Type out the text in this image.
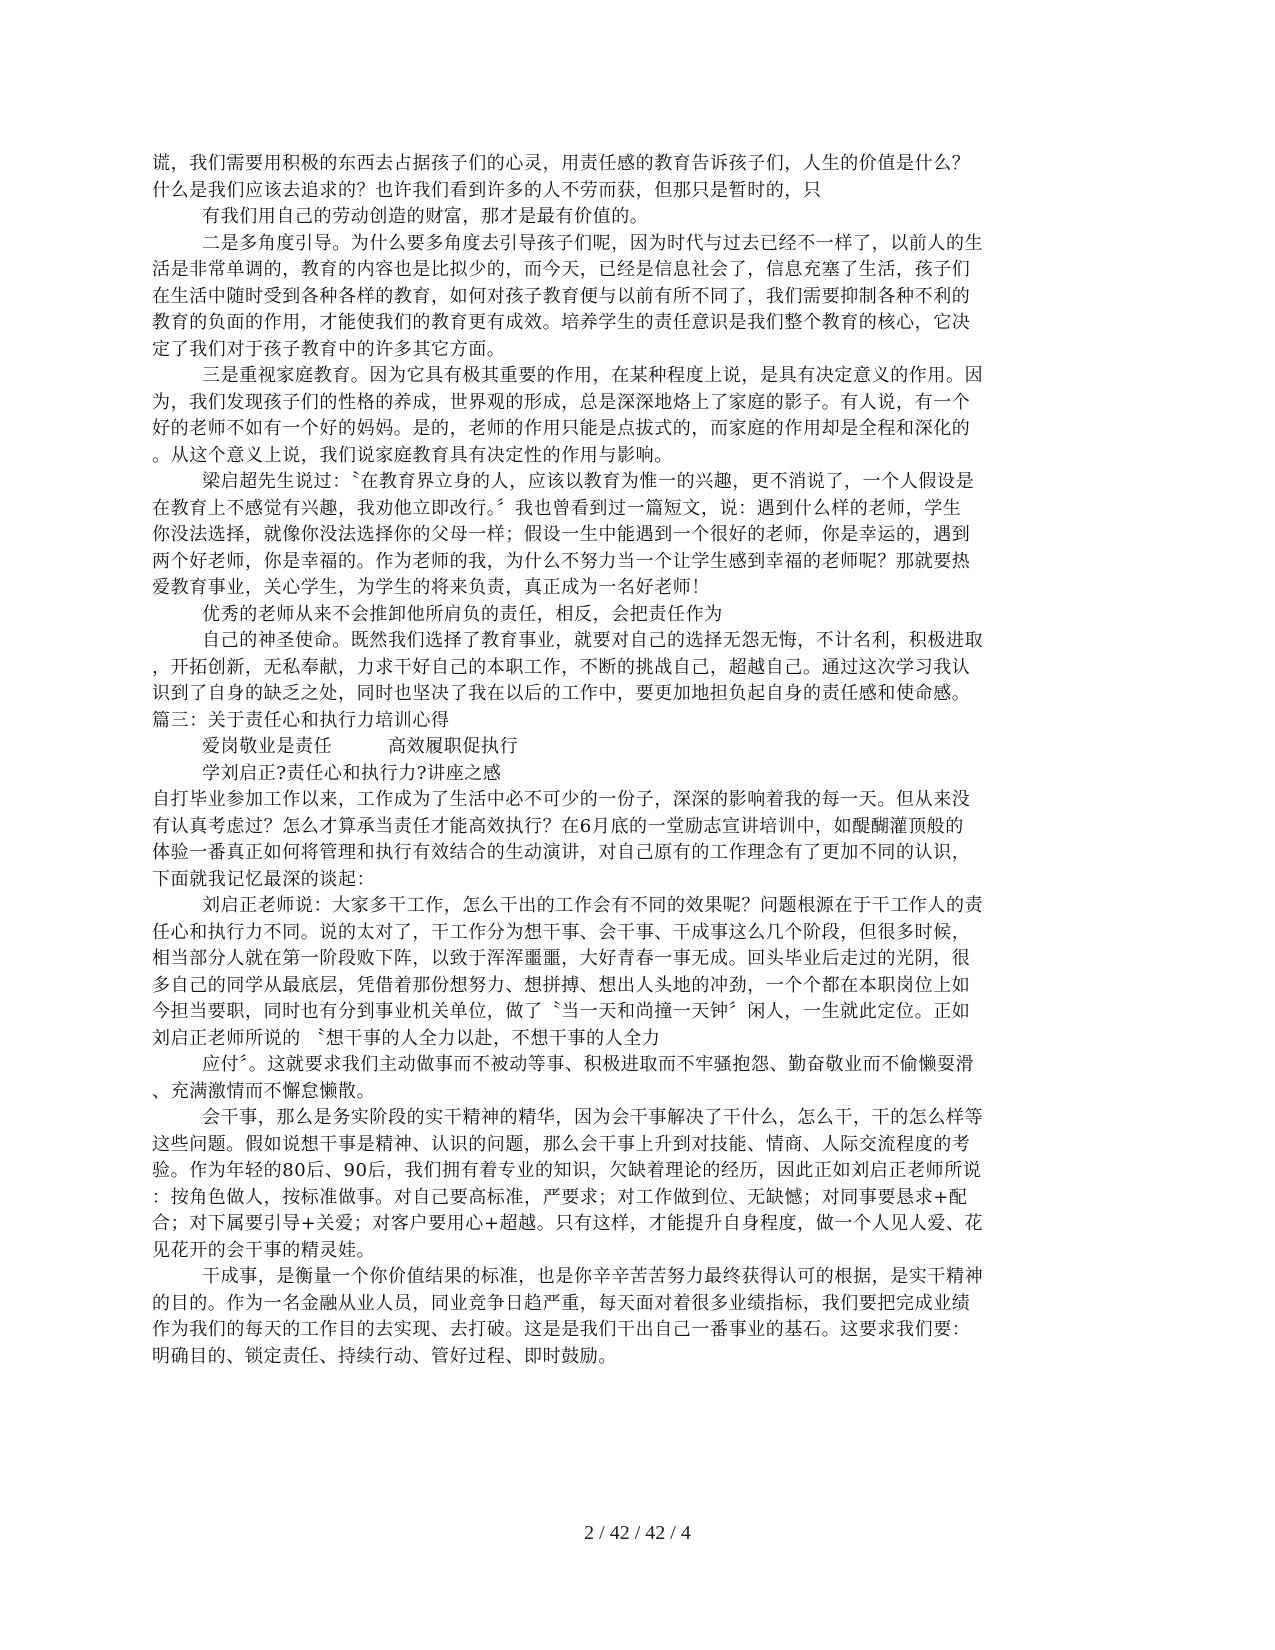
谎，我们需要用积极的东西去占据孩子们的心灵，用责任感的教育告诉孩子们，人生的价值是什么？
什么是我们应该去追求的？也许我们看到许多的人不劳而获，但那只是暂时的，只
有我们用自己的劳动创造的财富，那才是最有价值的。
二是多角度引导。为什么要多角度去引导孩子们呢，因为时代与过去已经不一样了，以前人的生
活是非常单调的，教育的内容也是比拟少的，而今天，已经是信息社会了，信息充塞了生活，孩子们
在生活中随时受到各种各样的教育，如何对孩子教育便与以前有所不同了，我们需要抑制各种不利的
教育的负面的作用，才能使我们的教育更有成效。培养学生的责任意识是我们整个教育的核心，它决
定了我们对于孩子教育中的许多其它方面。
三是重视家庭教育。因为它具有极其重要的作用，在某种程度上说，是具有决定意义的作用。因
为，我们发现孩子们的性格的养成，世界观的形成，总是深深地烙上了家庭的影子。有人说，有一个
好的老师不如有一个好的妈妈。是的，老师的作用只能是点拔式的，而家庭的作用却是全程和深化的
。从这个意义上说，我们说家庭教育具有决定性的作用与影响。
梁启超先生说过：〝在教育界立身的人，应该以教育为惟一的兴趣，更不消说了，一个人假设是
在教育上不感觉有兴趣，我劝他立即改行。〞我也曾看到过一篇短文，说：遇到什么样的老师，学生
你没法选择，就像你没法选择你的父母一样；假设一生中能遇到一个很好的老师，你是幸运的，遇到
两个好老师，你是幸福的。作为老师的我，为什么不努力当一个让学生感到幸福的老师呢？那就要热
爱教育事业，关心学生，为学生的将来负责，真正成为一名好老师！
优秀的老师从来不会推卸他所肩负的责任，相反，会把责任作为
自己的神圣使命。既然我们选择了教育事业，就要对自己的选择无怨无悔，不计名利，积极进取
，开拓创新，无私奉献，力求干好自己的本职工作，不断的挑战自己，超越自己。通过这次学习我认
识到了自身的缺乏之处，同时也坚决了我在以后的工作中，要更加地担负起自身的责任感和使命感。
篇三：关于责任心和执行力培训心得
爱岗敬业是责任　　　高效履职促执行
学刘启正?责任心和执行力?讲座之感
自打毕业参加工作以来，工作成为了生活中必不可少的一份子，深深的影响着我的每一天。但从来没
有认真考虑过？怎么才算承当责任才能高效执行？在6月底的一堂励志宣讲培训中，如醍醐灌顶般的
体验一番真正如何将管理和执行有效结合的生动演讲，对自己原有的工作理念有了更加不同的认识，
下面就我记忆最深的谈起：
刘启正老师说：大家多干工作，怎么干出的工作会有不同的效果呢？问题根源在于干工作人的责
任心和执行力不同。说的太对了，干工作分为想干事、会干事、干成事这么几个阶段，但很多时候，
相当部分人就在第一阶段败下阵，以致于浑浑噩噩，大好青春一事无成。回头毕业后走过的光阴，很
多自己的同学从最底层，凭借着那份想努力、想拼搏、想出人头地的冲劲，一个个都在本职岗位上如
今担当要职，同时也有分到事业机关单位，做了〝当一天和尚撞一天钟〞闲人，一生就此定位。正如
刘启正老师所说的 〝想干事的人全力以赴，不想干事的人全力
应付〞。这就要求我们主动做事而不被动等事、积极进取而不牢骚抱怨、勤奋敬业而不偷懒耍滑
、充满激情而不懈怠懒散。
会干事，那么是务实阶段的实干精神的精华，因为会干事解决了干什么，怎么干，干的怎么样等
这些问题。假如说想干事是精神、认识的问题，那么会干事上升到对技能、情商、人际交流程度的考
验。作为年轻的80后、90后，我们拥有着专业的知识，欠缺着理论的经历，因此正如刘启正老师所说
：按角色做人，按标准做事。对自己要高标准，严要求；对工作做到位、无缺憾；对同事要恳求+配
合；对下属要引导+关爱；对客户要用心+超越。只有这样，才能提升自身程度，做一个人见人爱、花
见花开的会干事的精灵娃。
干成事，是衡量一个你价值结果的标准，也是你辛辛苦苦努力最终获得认可的根据，是实干精神
的目的。作为一名金融从业人员，同业竞争日趋严重，每天面对着很多业绩指标，我们要把完成业绩
作为我们的每天的工作目的去实现、去打破。这是是我们干出自己一番事业的基石。这要求我们要：
明确目的、锁定责任、持续行动、管好过程、即时鼓励。
2 / 42 / 42 / 4
